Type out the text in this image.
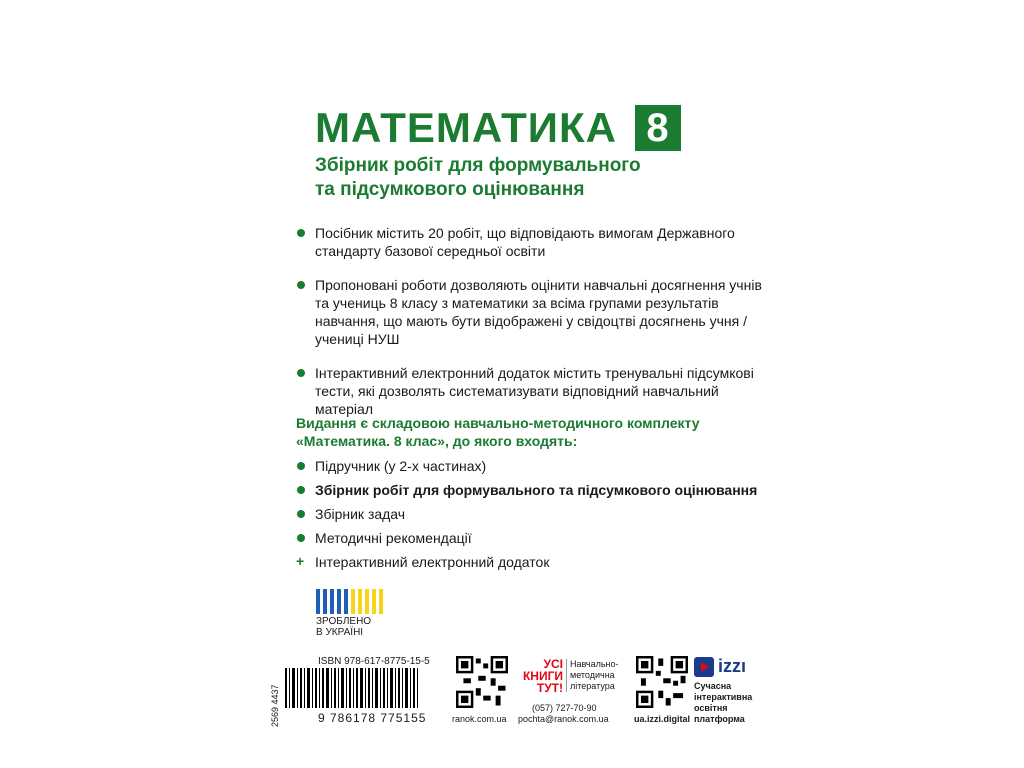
МАТЕМАТИКА 8
Збірник робіт для формувального
та підсумкового оцінювання
Посібник містить 20 робіт, що відповідають вимогам Державного стандарту базової середньої освіти
Пропоновані роботи дозволяють оцінити навчальні досягнення учнів та учениць 8 класу з математики за всіма групами результатів навчання, що мають бути відображені у свідоцтві досягнень учня / учениці НУШ
Інтерактивний електронний додаток містить тренувальні підсумкові тести, які дозволять систематизувати відповідний навчальний матеріал
Видання є складовою навчально-методичного комплекту
«Математика. 8 клас», до якого входять:
Підручник (у 2-х частинах)
Збірник робіт для формувального та підсумкового оцінювання
Збірник задач
Методичні рекомендації
+ Інтерактивний електронний додаток
ЗРОБЛЕНО
В УКРАЇНІ
2569 4437
ISBN 978-617-8775-15-5
9 786178 775155	ranok.com.ua
УСІ
КНИГИ
ТУТ!
Навчально-
методична
література
(057) 727-70-90
pochta@ranok.com.ua	ua.izzi.digital
izzı
Сучасна
інтерактивна
освітня
платформа
